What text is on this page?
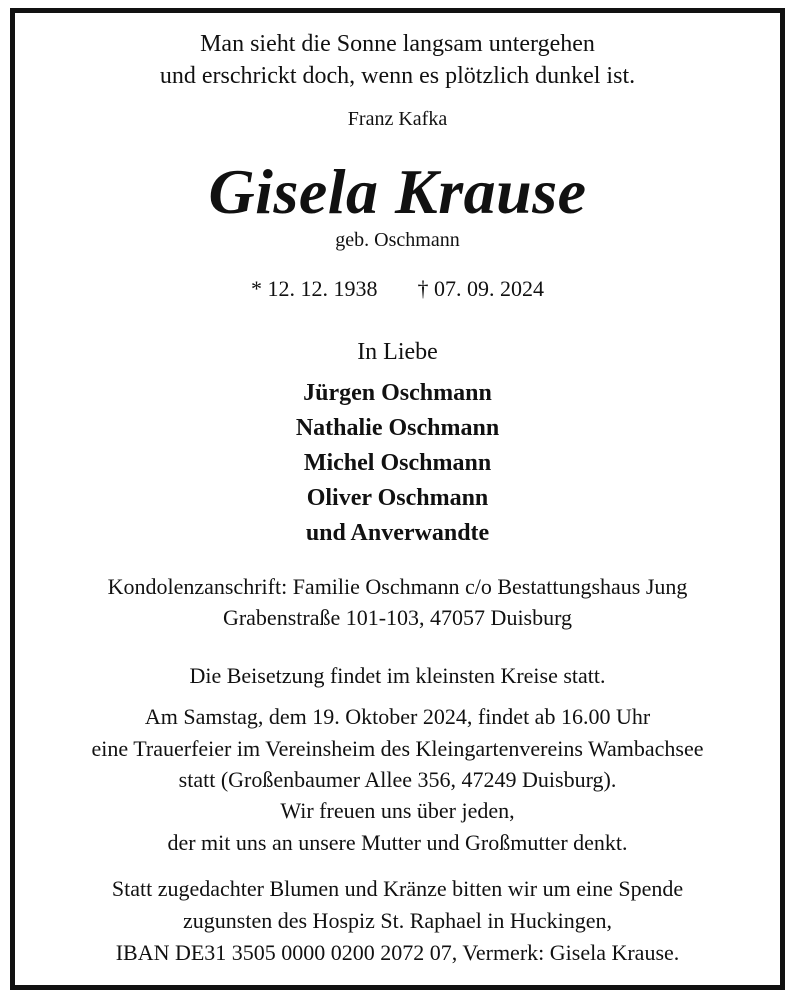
Man sieht die Sonne langsam untergehen
und erschrickt doch, wenn es plötzlich dunkel ist.
Franz Kafka
Gisela Krause
geb. Oschmann
* 12. 12. 1938 † 07. 09. 2024
In Liebe
Jürgen Oschmann
Nathalie Oschmann
Michel Oschmann
Oliver Oschmann
und Anverwandte
Kondolenzanschrift: Familie Oschmann c/o Bestattungshaus Jung
Grabenstraße 101-103, 47057 Duisburg
Die Beisetzung findet im kleinsten Kreise statt.
Am Samstag, dem 19. Oktober 2024, findet ab 16.00 Uhr
eine Trauerfeier im Vereinsheim des Kleingartenvereins Wambachsee
statt (Großenbaumer Allee 356, 47249 Duisburg).
Wir freuen uns über jeden,
der mit uns an unsere Mutter und Großmutter denkt.
Statt zugedachter Blumen und Kränze bitten wir um eine Spende
zugunsten des Hospiz St. Raphael in Huckingen,
IBAN DE31 3505 0000 0200 2072 07, Vermerk: Gisela Krause.
